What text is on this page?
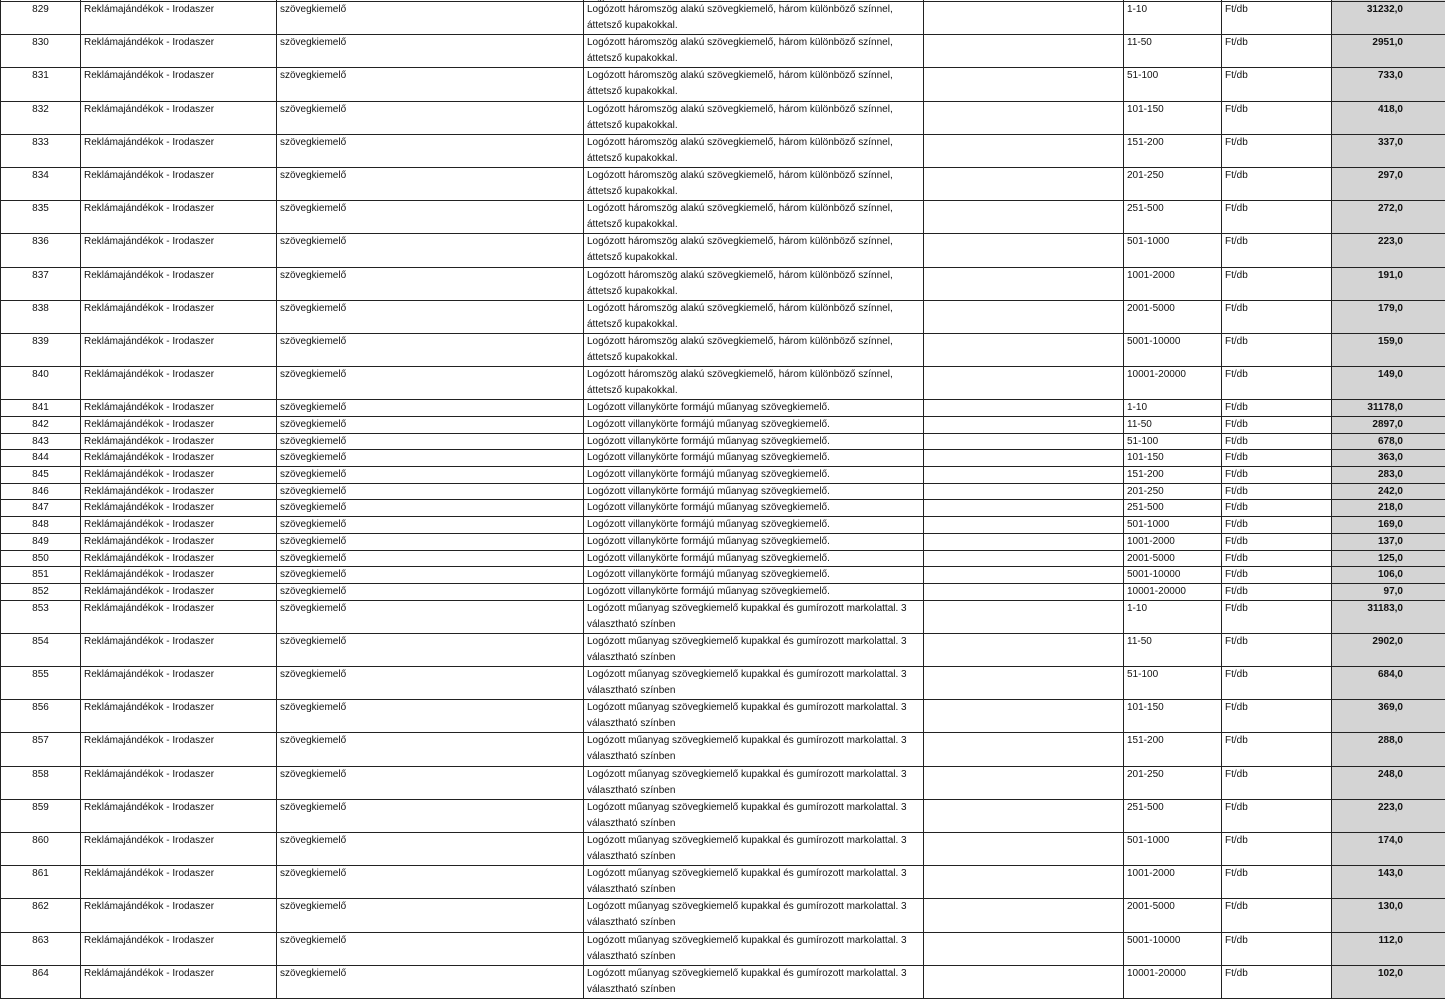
829	Reklámajándékok - Irodaszer	szövegkiemelő	Logózott háromszög alakú szövegkiemelő, három különböző színnel, áttetsző kupakokkal.		1-10	Ft/db	31232,0
830	Reklámajándékok - Irodaszer	szövegkiemelő	Logózott háromszög alakú szövegkiemelő, három különböző színnel, áttetsző kupakokkal.		11-50	Ft/db	2951,0
831	Reklámajándékok - Irodaszer	szövegkiemelő	Logózott háromszög alakú szövegkiemelő, három különböző színnel, áttetsző kupakokkal.		51-100	Ft/db	733,0
832	Reklámajándékok - Irodaszer	szövegkiemelő	Logózott háromszög alakú szövegkiemelő, három különböző színnel, áttetsző kupakokkal.		101-150	Ft/db	418,0
833	Reklámajándékok - Irodaszer	szövegkiemelő	Logózott háromszög alakú szövegkiemelő, három különböző színnel, áttetsző kupakokkal.		151-200	Ft/db	337,0
834	Reklámajándékok - Irodaszer	szövegkiemelő	Logózott háromszög alakú szövegkiemelő, három különböző színnel, áttetsző kupakokkal.		201-250	Ft/db	297,0
835	Reklámajándékok - Irodaszer	szövegkiemelő	Logózott háromszög alakú szövegkiemelő, három különböző színnel, áttetsző kupakokkal.		251-500	Ft/db	272,0
836	Reklámajándékok - Irodaszer	szövegkiemelő	Logózott háromszög alakú szövegkiemelő, három különböző színnel, áttetsző kupakokkal.		501-1000	Ft/db	223,0
837	Reklámajándékok - Irodaszer	szövegkiemelő	Logózott háromszög alakú szövegkiemelő, három különböző színnel, áttetsző kupakokkal.		1001-2000	Ft/db	191,0
838	Reklámajándékok - Irodaszer	szövegkiemelő	Logózott háromszög alakú szövegkiemelő, három különböző színnel, áttetsző kupakokkal.		2001-5000	Ft/db	179,0
839	Reklámajándékok - Irodaszer	szövegkiemelő	Logózott háromszög alakú szövegkiemelő, három különböző színnel, áttetsző kupakokkal.		5001-10000	Ft/db	159,0
840	Reklámajándékok - Irodaszer	szövegkiemelő	Logózott háromszög alakú szövegkiemelő, három különböző színnel, áttetsző kupakokkal.		10001-20000	Ft/db	149,0
841	Reklámajándékok - Irodaszer	szövegkiemelő	Logózott villanykörte formájú műanyag szövegkiemelő.		1-10	Ft/db	31178,0
842	Reklámajándékok - Irodaszer	szövegkiemelő	Logózott villanykörte formájú műanyag szövegkiemelő.		11-50	Ft/db	2897,0
843	Reklámajándékok - Irodaszer	szövegkiemelő	Logózott villanykörte formájú műanyag szövegkiemelő.		51-100	Ft/db	678,0
844	Reklámajándékok - Irodaszer	szövegkiemelő	Logózott villanykörte formájú műanyag szövegkiemelő.		101-150	Ft/db	363,0
845	Reklámajándékok - Irodaszer	szövegkiemelő	Logózott villanykörte formájú műanyag szövegkiemelő.		151-200	Ft/db	283,0
846	Reklámajándékok - Irodaszer	szövegkiemelő	Logózott villanykörte formájú műanyag szövegkiemelő.		201-250	Ft/db	242,0
847	Reklámajándékok - Irodaszer	szövegkiemelő	Logózott villanykörte formájú műanyag szövegkiemelő.		251-500	Ft/db	218,0
848	Reklámajándékok - Irodaszer	szövegkiemelő	Logózott villanykörte formájú műanyag szövegkiemelő.		501-1000	Ft/db	169,0
849	Reklámajándékok - Irodaszer	szövegkiemelő	Logózott villanykörte formájú műanyag szövegkiemelő.		1001-2000	Ft/db	137,0
850	Reklámajándékok - Irodaszer	szövegkiemelő	Logózott villanykörte formájú műanyag szövegkiemelő.		2001-5000	Ft/db	125,0
851	Reklámajándékok - Irodaszer	szövegkiemelő	Logózott villanykörte formájú műanyag szövegkiemelő.		5001-10000	Ft/db	106,0
852	Reklámajándékok - Irodaszer	szövegkiemelő	Logózott villanykörte formájú műanyag szövegkiemelő.		10001-20000	Ft/db	97,0
853	Reklámajándékok - Irodaszer	szövegkiemelő	Logózott műanyag szövegkiemelő kupakkal és gumírozott markolattal. 3 választható színben		1-10	Ft/db	31183,0
854	Reklámajándékok - Irodaszer	szövegkiemelő	Logózott műanyag szövegkiemelő kupakkal és gumírozott markolattal. 3 választható színben		11-50	Ft/db	2902,0
855	Reklámajándékok - Irodaszer	szövegkiemelő	Logózott műanyag szövegkiemelő kupakkal és gumírozott markolattal. 3 választható színben		51-100	Ft/db	684,0
856	Reklámajándékok - Irodaszer	szövegkiemelő	Logózott műanyag szövegkiemelő kupakkal és gumírozott markolattal. 3 választható színben		101-150	Ft/db	369,0
857	Reklámajándékok - Irodaszer	szövegkiemelő	Logózott műanyag szövegkiemelő kupakkal és gumírozott markolattal. 3 választható színben		151-200	Ft/db	288,0
858	Reklámajándékok - Irodaszer	szövegkiemelő	Logózott műanyag szövegkiemelő kupakkal és gumírozott markolattal. 3 választható színben		201-250	Ft/db	248,0
859	Reklámajándékok - Irodaszer	szövegkiemelő	Logózott műanyag szövegkiemelő kupakkal és gumírozott markolattal. 3 választható színben		251-500	Ft/db	223,0
860	Reklámajándékok - Irodaszer	szövegkiemelő	Logózott műanyag szövegkiemelő kupakkal és gumírozott markolattal. 3 választható színben		501-1000	Ft/db	174,0
861	Reklámajándékok - Irodaszer	szövegkiemelő	Logózott műanyag szövegkiemelő kupakkal és gumírozott markolattal. 3 választható színben		1001-2000	Ft/db	143,0
862	Reklámajándékok - Irodaszer	szövegkiemelő	Logózott műanyag szövegkiemelő kupakkal és gumírozott markolattal. 3 választható színben		2001-5000	Ft/db	130,0
863	Reklámajándékok - Irodaszer	szövegkiemelő	Logózott műanyag szövegkiemelő kupakkal és gumírozott markolattal. 3 választható színben		5001-10000	Ft/db	112,0
864	Reklámajándékok - Irodaszer	szövegkiemelő	Logózott műanyag szövegkiemelő kupakkal és gumírozott markolattal. 3 választható színben		10001-20000	Ft/db	102,0
